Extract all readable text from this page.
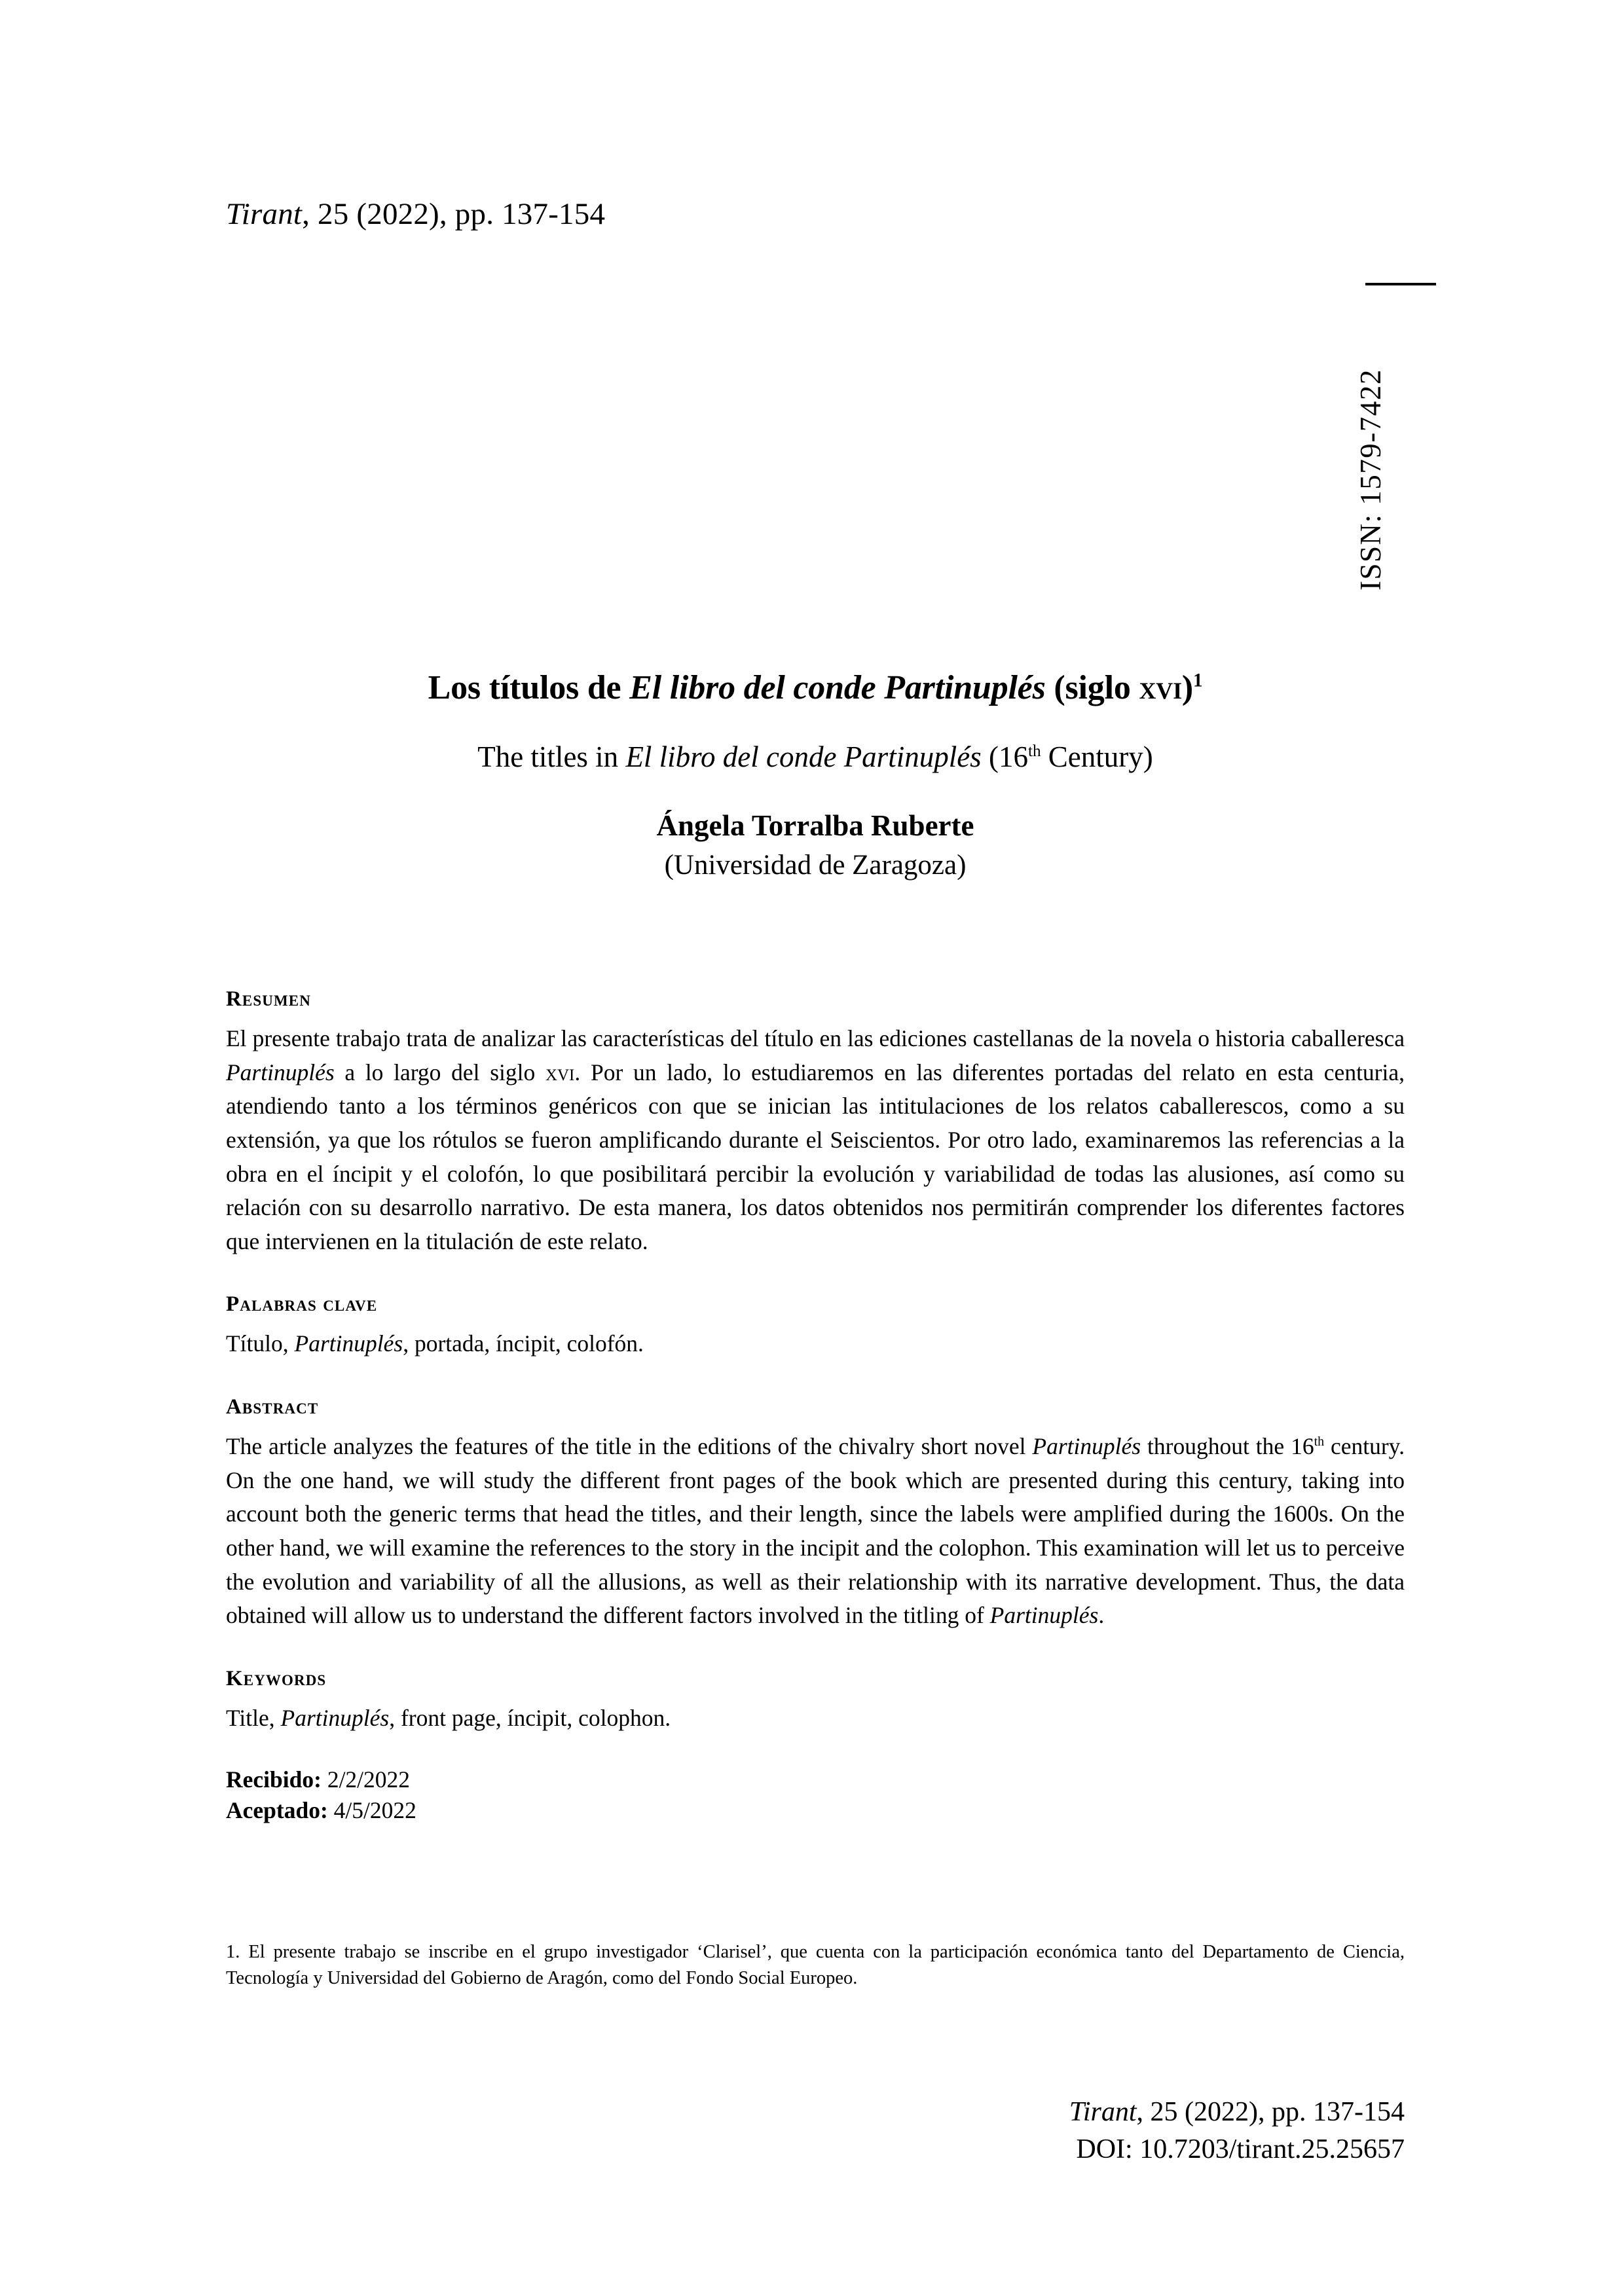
Tirant, 25 (2022), pp. 137-154
ISSN: 1579-7422
Los títulos de El libro del conde Partinuplés (siglo xvi)$^1$
The titles in El libro del conde Partinuplés (16th Century)
Ángela Torralba Ruberte
(Universidad de Zaragoza)
Resumen

El presente trabajo trata de analizar las características del título en las ediciones castellanas de la novela o historia caballeresca Partinuplés a lo largo del siglo xvi. Por un lado, lo estudiaremos en las diferentes portadas del relato en esta centuria, atendiendo tanto a los términos genéricos con que se inician las intitulaciones de los relatos caballerescos, como a su extensión, ya que los rótulos se fueron amplificando durante el Seiscientos. Por otro lado, examinaremos las referencias a la obra en el íncipit y el colofón, lo que posibilitará percibir la evolución y variabilidad de todas las alusiones, así como su relación con su desarrollo narrativo. De esta manera, los datos obtenidos nos permitirán comprender los diferentes factores que intervienen en la titulación de este relato.

Palabras clave

Título, Partinuplés, portada, íncipit, colofón.

Abstract

The article analyzes the features of the title in the editions of the chivalry short novel Partinuplés throughout the 16th century. On the one hand, we will study the different front pages of the book which are presented during this century, taking into account both the generic terms that head the titles, and their length, since the labels were amplified during the 1600s. On the other hand, we will examine the references to the story in the incipit and the colophon. This examination will let us to perceive the evolution and variability of all the allusions, as well as their relationship with its narrative development. Thus, the data obtained will allow us to understand the different factors involved in the titling of Partinuplés.

Keywords

Title, Partinuplés, front page, íncipit, colophon.

Recibido: 2/2/2022
Aceptado: 4/5/2022

1. El presente trabajo se inscribe en el grupo investigador ‘Clarisel’, que cuenta con la participación económica tanto del Departamento de Ciencia, Tecnología y Universidad del Gobierno de Aragón, como del Fondo Social Europeo.
Tirant, 25 (2022), pp. 137-154
DOI: 10.7203/tirant.25.25657
